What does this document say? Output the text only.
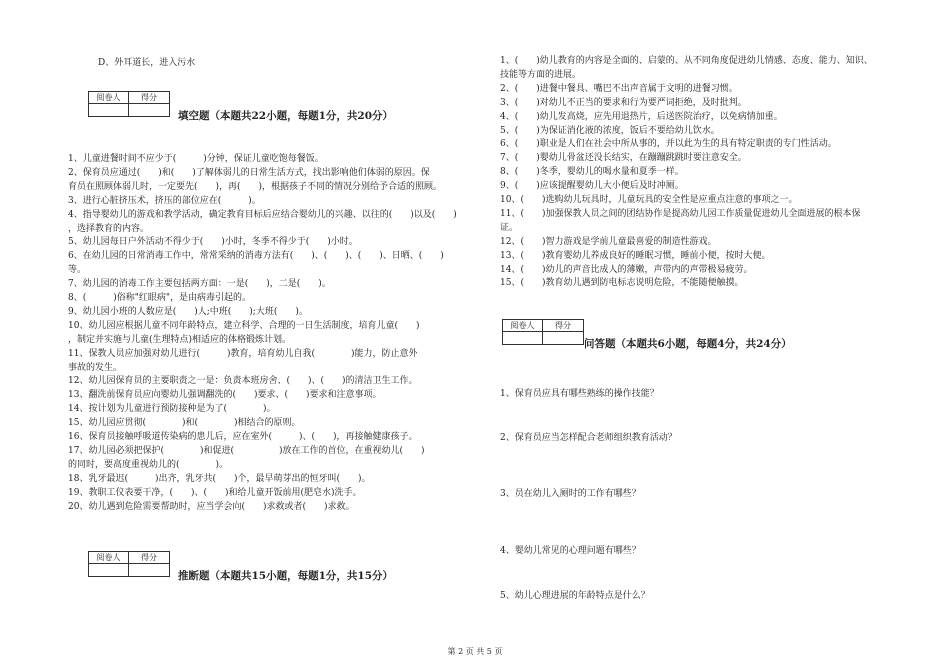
D、外耳道长，进入污水
阅卷人	得分
填空题（本题共22小题，每题1分，共20分）
1、儿童进餐时间不应少于(　　　)分钟，保证儿童吃饱每餐饭。
2、保育员应通过(　　)和(　　)了解体弱儿的日常生活方式，找出影响他们体弱的原因。保
育员在照顾体弱儿时，一定要先(　　)，再(　　)，根据孩子不同的情况分别给予合适的照顾。
3、进行心脏挤压术，挤压的部位应在(　　　)。
4、指导婴幼儿的游戏和教学活动，确定教育目标后应结合婴幼儿的兴趣、以往的(　　)以及(　　)
，选择教育的内容。
5、幼儿园每日户外活动不得少于(　　)小时，冬季不得少于(　　)小时。
6、在幼儿园的日常消毒工作中，常常采纳的消毒方法有(　　)、(　　)、(　　)、日晒、(　　)
等。
7、幼儿园的消毒工作主要包括两方面：一是(　　)，二是(　　)。
8、(　　　)俗称"红眼病"，是由病毒引起的。
9、幼儿园小班的人数应是(　　)人;中班(　　);大班(　　)。
10、幼儿园应根据儿童不同年龄特点，建立科学、合理的一日生活制度，培育儿童(　　)
，制定并实施与儿童(生理特点)相适应的体格锻炼计划。
11、保教人员应加强对幼儿进行(　　　)教育，培育幼儿自我(　　　　)能力，防止意外
事故的发生。
12、幼儿园保育员的主要职责之一是：负责本班房舍、(　　)、(　　)的清洁卫生工作。
13、翻洗前保育员应向婴幼儿强调翻洗的(　　)要求、(　　)要求和注意事项。
14、按计划为儿童进行预防接种是为了(　　　　)。
15、幼儿园应贯彻(　　　　)和(　　　　)相结合的原则。
16、保育员接触呼吸道传染病的患儿后，应在室外(　　　)、(　　)，再接触健康孩子。
17、幼儿园必须把保护(　　　　)和促进(　　　　　)放在工作的首位，在重视幼儿(　　)
的同时，要高度重视幼儿的(　　　　)。
18、乳牙最迟(　　　)出齐，乳牙共(　　)个，最早萌芽出的恒牙叫(　　)。
19、教职工仪表要干净，(　　)、(　　)和给儿童开饭前用(肥皂水)洗手。
20、幼儿遇到危险需要帮助时，应当学会向(　　)求救或者(　　)求救。
阅卷人	得分
推断题（本题共15小题，每题1分，共15分）
1、(　　)幼儿教育的内容是全面的、启蒙的、从不同角度促进幼儿情感、态度、能力、知识、
技能等方面的进展。
2、(　　)进餐中餐具、嘴巴不出声音属于文明的进餐习惯。
3、(　　)对幼儿不正当的要求和行为要严词拒绝，及时批判。
4、(　　)幼儿发高烧，应先用退热片，后送医院治疗，以免病情加重。
5、(　　)为保证消化液的浓度，饭后不要给幼儿饮水。
6、(　　)职业是人们在社会中所从事的，并以此为生的具有特定职责的专门性活动。
7、(　　)婴幼儿骨盆还没长结实，在蹦蹦跳跳时要注意安全。
8、(　　)冬季，婴幼儿的喝水量和夏季一样。
9、(　　)应该提醒婴幼儿大小便后及时冲厕。
10、(　　)选购幼儿玩具时，儿童玩具的安全性是应重点注意的事项之一。
11、(　　)加强保教人员之间的团结协作是提高幼儿园工作质量促进幼儿全面进展的根本保
证。
12、(　　)智力游戏是学前儿童最喜爱的制造性游戏。
13、(　　)教育婴幼儿养成良好的睡眠习惯，睡前小便，按时大便。
14、(　　)幼儿的声音比成人的薄嫩，声带内的声带极易疲劳。
15、(　　)教育幼儿遇到防电标志说明危险，不能随便触摸。
阅卷人	得分
问答题（本题共6小题，每题4分，共24分）
1、保育员应具有哪些熟练的操作技能？
2、保育员应当怎样配合老师组织教育活动？
3、员在幼儿入厕时的工作有哪些？
4、婴幼儿常见的心理问题有哪些？
5、幼儿心理进展的年龄特点是什么？
第 2 页 共 5 页
